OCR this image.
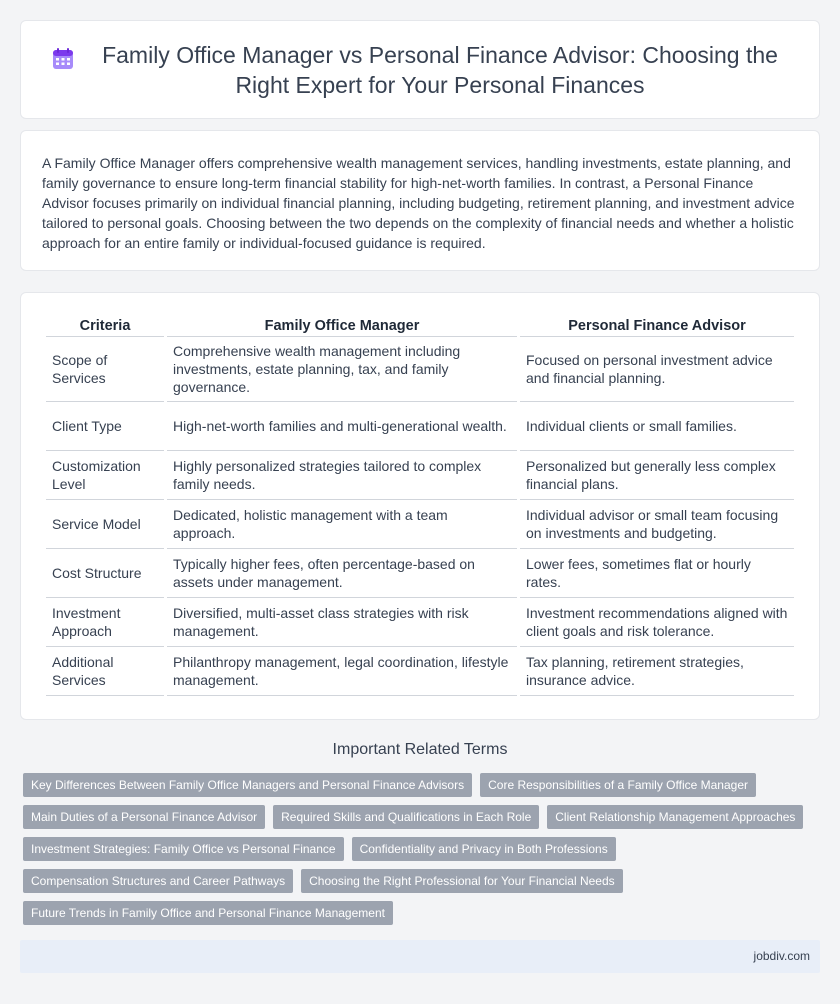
Family Office Manager vs Personal Finance Advisor: Choosing the Right Expert for Your Personal Finances

A Family Office Manager offers comprehensive wealth management services, handling investments, estate planning, and family governance to ensure long-term financial stability for high-net-worth families. In contrast, a Personal Finance Advisor focuses primarily on individual financial planning, including budgeting, retirement planning, and investment advice tailored to personal goals. Choosing between the two depends on the complexity of financial needs and whether a holistic approach for an entire family or individual-focused guidance is required.

Criteria	Family Office Manager	Personal Finance Advisor
Scope of Services	Comprehensive wealth management including investments, estate planning, tax, and family governance.	Focused on personal investment advice and financial planning.
Client Type	High-net-worth families and multi-generational wealth.	Individual clients or small families.
Customization Level	Highly personalized strategies tailored to complex family needs.	Personalized but generally less complex financial plans.
Service Model	Dedicated, holistic management with a team approach.	Individual advisor or small team focusing on investments and budgeting.
Cost Structure	Typically higher fees, often percentage-based on assets under management.	Lower fees, sometimes flat or hourly rates.
Investment Approach	Diversified, multi-asset class strategies with risk management.	Investment recommendations aligned with client goals and risk tolerance.
Additional Services	Philanthropy management, legal coordination, lifestyle management.	Tax planning, retirement strategies, insurance advice.
Important Related Terms
Key Differences Between Family Office Managers and Personal Finance Advisors	Core Responsibilities of a Family Office Manager
Main Duties of a Personal Finance Advisor	Required Skills and Qualifications in Each Role	Client Relationship Management Approaches
Investment Strategies: Family Office vs Personal Finance	Confidentiality and Privacy in Both Professions
Compensation Structures and Career Pathways	Choosing the Right Professional for Your Financial Needs
Future Trends in Family Office and Personal Finance Management
jobdiv.com
